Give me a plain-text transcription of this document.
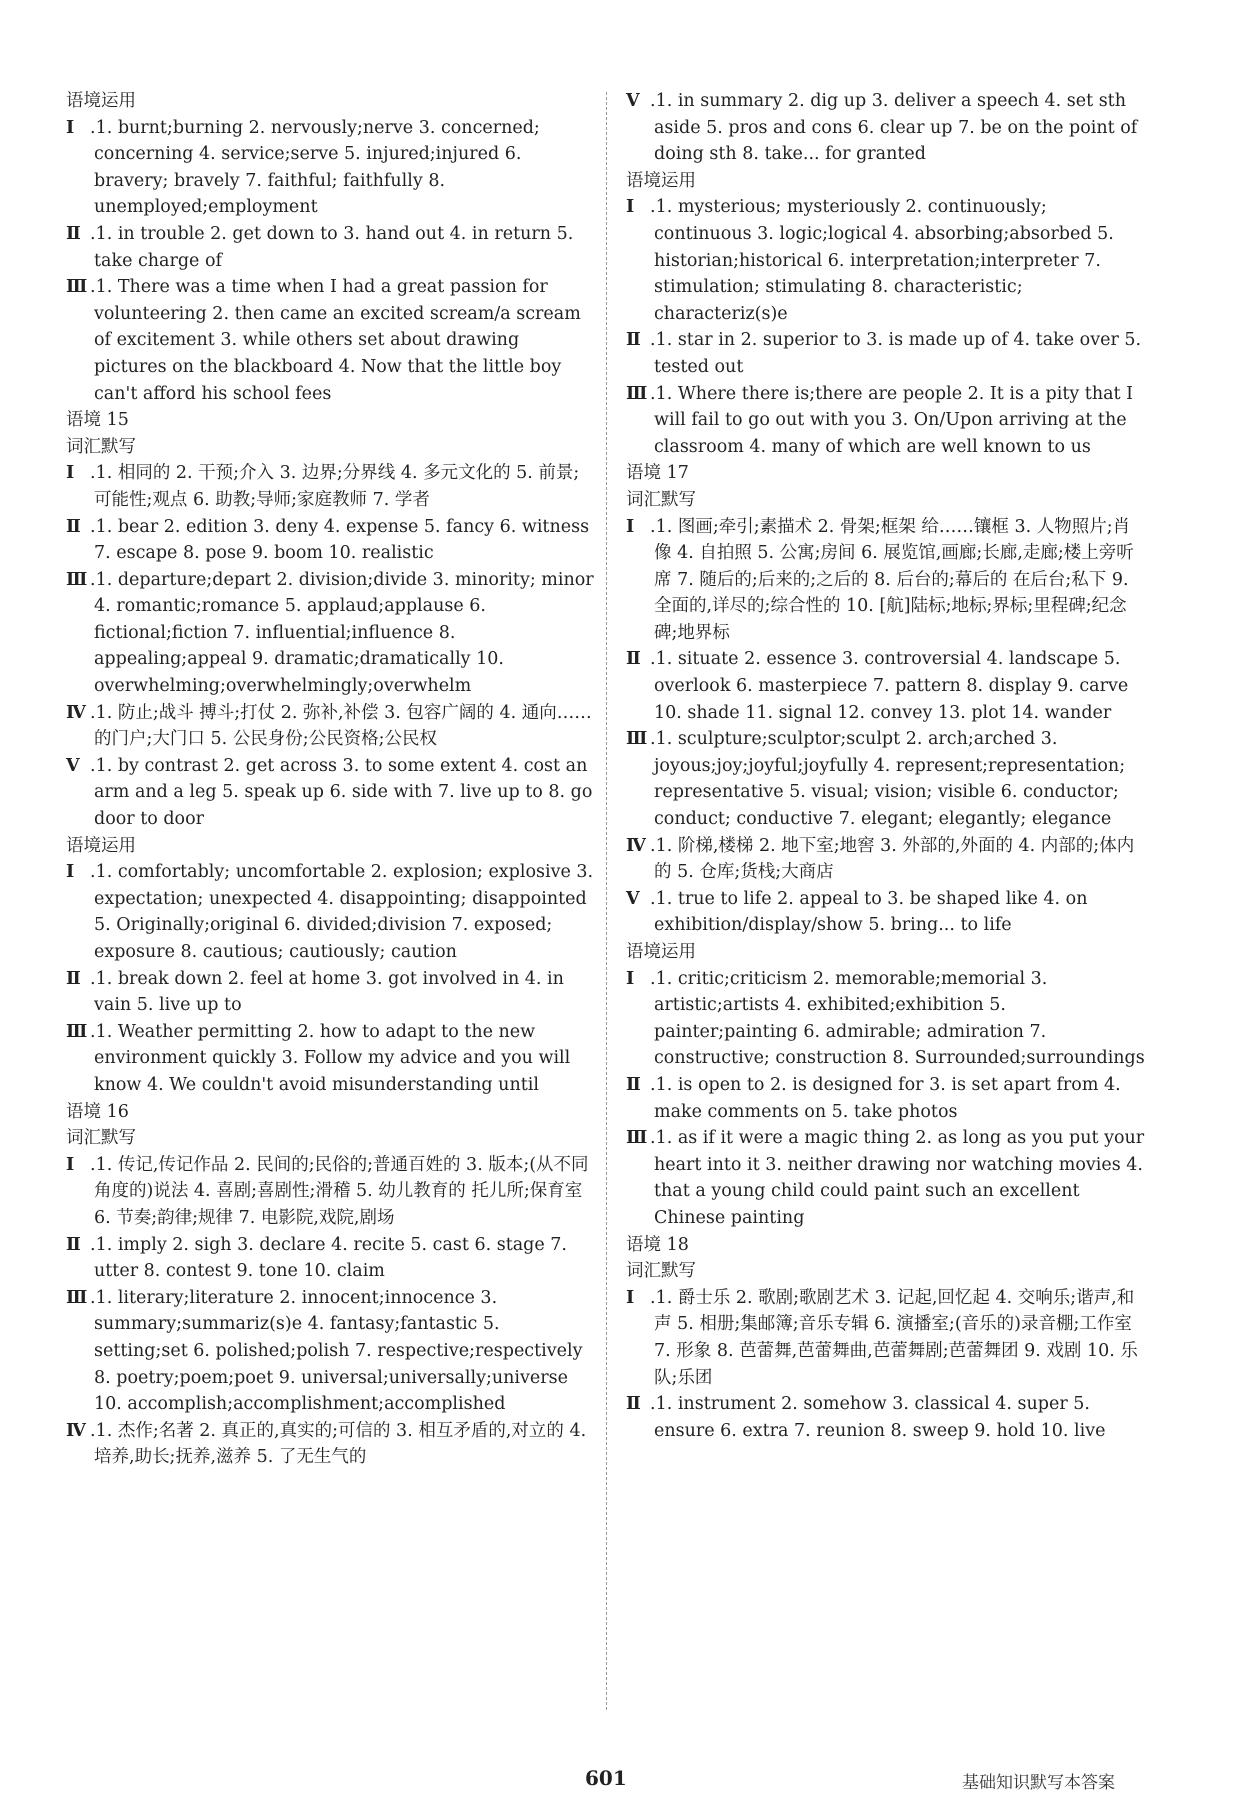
语境运用
Ⅰ .1. burnt;burning 2. nervously;nerve 3. concerned; concerning 4. service;serve 5. injured;injured 6. bravery; bravely 7. faithful; faithfully 8. unemployed;employment
Ⅱ .1. in trouble 2. get down to 3. hand out 4. in return 5. take charge of
Ⅲ .1. There was a time when I had a great passion for volunteering 2. then came an excited scream/a scream of excitement 3. while others set about drawing pictures on the blackboard 4. Now that the little boy can't afford his school fees
语境 15
词汇默写
Ⅰ .1. 相同的 2. 干预;介入 3. 边界;分界线 4. 多元文化的 5. 前景;可能性;观点 6. 助教;导师;家庭教师 7. 学者
Ⅱ .1. bear 2. edition 3. deny 4. expense 5. fancy 6. witness 7. escape 8. pose 9. boom 10. realistic
Ⅲ .1. departure;depart 2. division;divide 3. minority; minor 4. romantic;romance 5. applaud;applause 6. fictional;fiction 7. influential;influence 8. appealing;appeal 9. dramatic;dramatically 10. overwhelming;overwhelmingly;overwhelm
Ⅳ .1. 防止;战斗 搏斗;打仗 2. 弥补,补偿 3. 包容广阔的 4. 通向……的门户;大门口 5. 公民身份;公民资格;公民权
Ⅴ .1. by contrast 2. get across 3. to some extent 4. cost an arm and a leg 5. speak up 6. side with 7. live up to 8. go door to door
语境运用
Ⅰ .1. comfortably; uncomfortable 2. explosion; explosive 3. expectation; unexpected 4. disappointing; disappointed 5. Originally;original 6. divided;division 7. exposed; exposure 8. cautious; cautiously; caution
Ⅱ .1. break down 2. feel at home 3. got involved in 4. in vain 5. live up to
Ⅲ .1. Weather permitting 2. how to adapt to the new environment quickly 3. Follow my advice and you will know 4. We couldn't avoid misunderstanding until
语境 16
词汇默写
Ⅰ .1. 传记,传记作品 2. 民间的;民俗的;普通百姓的 3. 版本;(从不同角度的)说法 4. 喜剧;喜剧性;滑稽 5. 幼儿教育的 托儿所;保育室 6. 节奏;韵律;规律 7. 电影院,戏院,剧场
Ⅱ .1. imply 2. sigh 3. declare 4. recite 5. cast 6. stage 7. utter 8. contest 9. tone 10. claim
Ⅲ .1. literary;literature 2. innocent;innocence 3. summary;summariz(s)e 4. fantasy;fantastic 5. setting;set 6. polished;polish 7. respective;respectively 8. poetry;poem;poet 9. universal;universally;universe 10. accomplish;accomplishment;accomplished
Ⅳ .1. 杰作;名著 2. 真正的,真实的;可信的 3. 相互矛盾的,对立的 4. 培养,助长;抚养,滋养 5. 了无生气的
Ⅴ .1. in summary 2. dig up 3. deliver a speech 4. set sth aside 5. pros and cons 6. clear up 7. be on the point of doing sth 8. take... for granted
语境运用
Ⅰ .1. mysterious; mysteriously 2. continuously; continuous 3. logic;logical 4. absorbing;absorbed 5. historian;historical 6. interpretation;interpreter 7. stimulation; stimulating 8. characteristic; characteriz(s)e
Ⅱ .1. star in 2. superior to 3. is made up of 4. take over 5. tested out
Ⅲ .1. Where there is;there are people 2. It is a pity that I will fail to go out with you 3. On/Upon arriving at the classroom 4. many of which are well known to us
语境 17
词汇默写
Ⅰ .1. 图画;牵引;素描术 2. 骨架;框架 给……镶框 3. 人物照片;肖像 4. 自拍照 5. 公寓;房间 6. 展览馆,画廊;长廊,走廊;楼上旁听席 7. 随后的;后来的;之后的 8. 后台的;幕后的 在后台;私下 9. 全面的,详尽的;综合性的 10. [航]陆标;地标;界标;里程碑;纪念碑;地界标
Ⅱ .1. situate 2. essence 3. controversial 4. landscape 5. overlook 6. masterpiece 7. pattern 8. display 9. carve 10. shade 11. signal 12. convey 13. plot 14. wander
Ⅲ .1. sculpture;sculptor;sculpt 2. arch;arched 3. joyous;joy;joyful;joyfully 4. represent;representation; representative 5. visual; vision; visible 6. conductor; conduct; conductive 7. elegant; elegantly; elegance
Ⅳ .1. 阶梯,楼梯 2. 地下室;地窖 3. 外部的,外面的 4. 内部的;体内的 5. 仓库;货栈;大商店
Ⅴ .1. true to life 2. appeal to 3. be shaped like 4. on exhibition/display/show 5. bring... to life
语境运用
Ⅰ .1. critic;criticism 2. memorable;memorial 3. artistic;artists 4. exhibited;exhibition 5. painter;painting 6. admirable; admiration 7. constructive; construction 8. Surrounded;surroundings
Ⅱ .1. is open to 2. is designed for 3. is set apart from 4. make comments on 5. take photos
Ⅲ .1. as if it were a magic thing 2. as long as you put your heart into it 3. neither drawing nor watching movies 4. that a young child could paint such an excellent Chinese painting
语境 18
词汇默写
Ⅰ .1. 爵士乐 2. 歌剧;歌剧艺术 3. 记起,回忆起 4. 交响乐;谐声,和声 5. 相册;集邮簿;音乐专辑 6. 演播室;(音乐的)录音棚;工作室 7. 形象 8. 芭蕾舞,芭蕾舞曲,芭蕾舞剧;芭蕾舞团 9. 戏剧 10. 乐队;乐团
Ⅱ .1. instrument 2. somehow 3. classical 4. super 5. ensure 6. extra 7. reunion 8. sweep 9. hold 10. live
601	基础知识默写本答案
